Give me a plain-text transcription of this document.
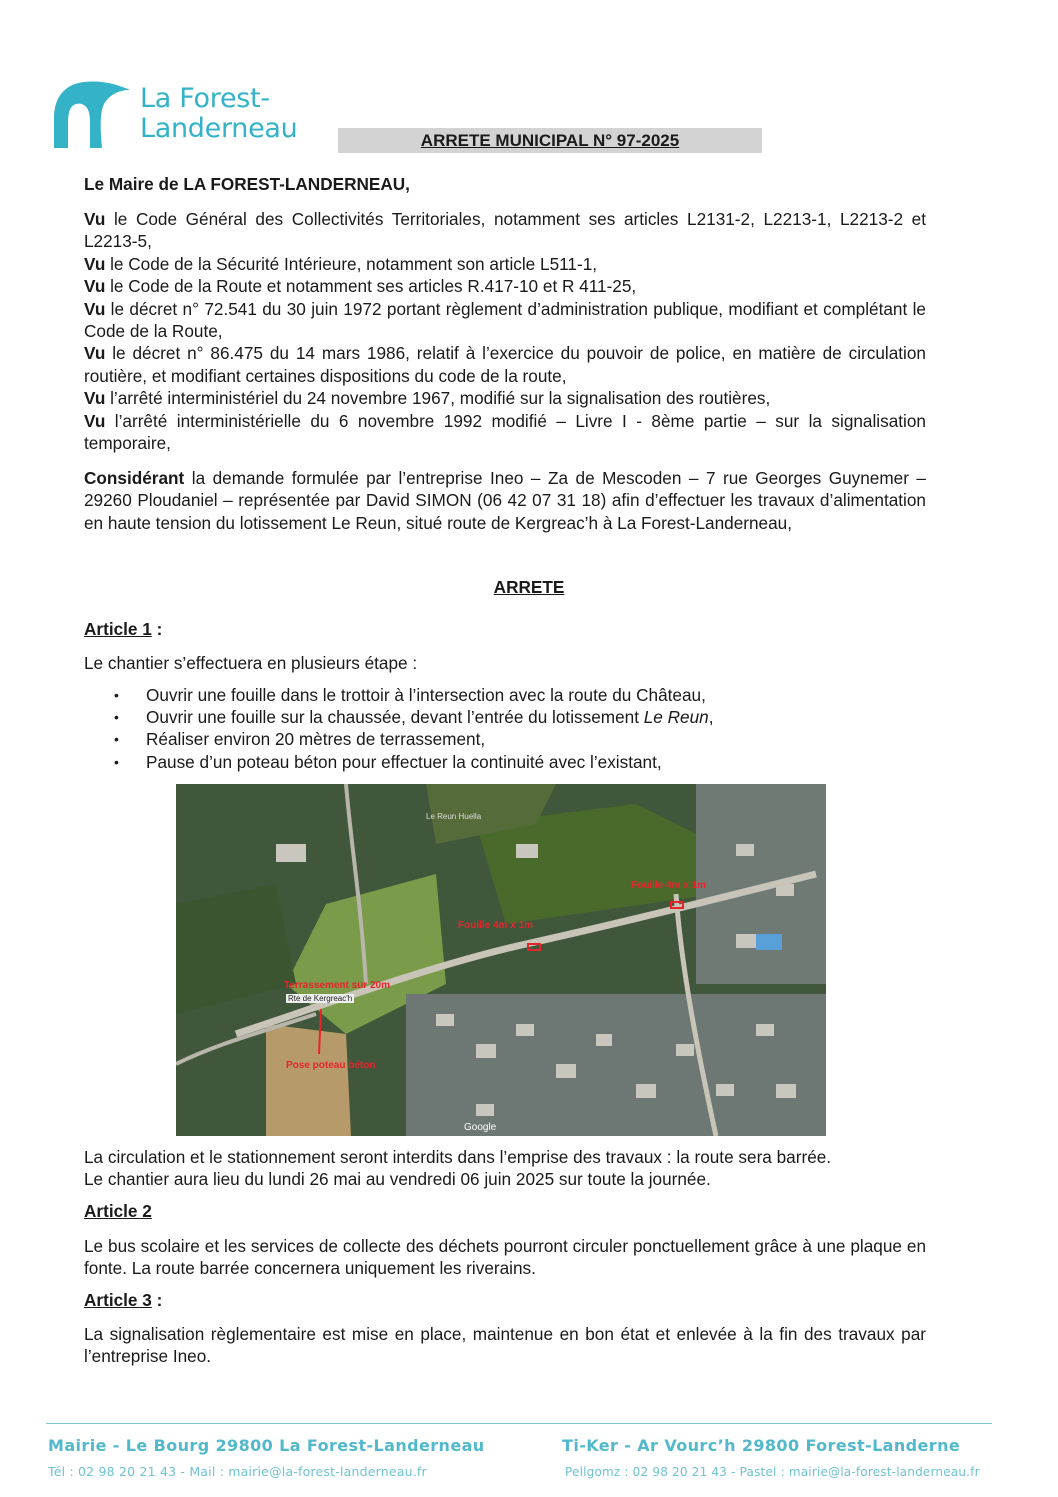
La Forest-
Landerneau	ARRETE MUNICIPAL N° 97-2025
Le Maire de LA FOREST-LANDERNEAU,

Vu le Code Général des Collectivités Territoriales, notamment ses articles L2131-2, L2213-1, L2213-2 et L2213-5,

Vu le Code de la Sécurité Intérieure, notamment son article L511-1,

Vu le Code de la Route et notamment ses articles R.417-10 et R 411-25,

Vu le décret n° 72.541 du 30 juin 1972 portant règlement d’administration publique, modifiant et complétant le Code de la Route,

Vu le décret n° 86.475 du 14 mars 1986, relatif à l’exercice du pouvoir de police, en matière de circulation routière, et modifiant certaines dispositions du code de la route,

Vu l’arrêté interministériel du 24 novembre 1967, modifié sur la signalisation des routières,

Vu l’arrêté interministérielle du 6 novembre 1992 modifié – Livre I - 8ème partie – sur la signalisation temporaire,

Considérant la demande formulée par l’entreprise Ineo – Za de Mescoden – 7 rue Georges Guynemer – 29260 Ploudaniel – représentée par David SIMON (06 42 07 31 18) afin d’effectuer les travaux d’alimentation en haute tension du lotissement Le Reun, situé route de Kergreac’h à La Forest-Landerneau,

ARRETE
Article 1 :
Le chantier s’effectuera en plusieurs étape :
• Ouvrir une fouille dans le trottoir à l’intersection avec la route du Château,
• Ouvrir une fouille sur la chaussée, devant l’entrée du lotissement Le Reun,
• Réaliser environ 20 mètres de terrassement,
• Pause d’un poteau béton pour effectuer la continuité avec l’existant,
Fouille 4m x 1m
Fouille 4m x 1m
Terrassement sur 20m
Pose poteau béton
Rte de Kergreac'h
Le Reun Huella
Google
La circulation et le stationnement seront interdits dans l’emprise des travaux : la route sera barrée.
Le chantier aura lieu du lundi 26 mai au vendredi 06 juin 2025 sur toute la journée.
Article 2
Le bus scolaire et les services de collecte des déchets pourront circuler ponctuellement grâce à une plaque en fonte. La route barrée concernera uniquement les riverains.
Article 3 :
La signalisation règlementaire est mise en place, maintenue en bon état et enlevée à la fin des travaux par l’entreprise Ineo.
Mairie - Le Bourg 29800 La Forest-Landerneau	Ti-Ker - Ar Vourc’h 29800 Forest-Landerne
Tél : 02 98 20 21 43 - Mail : mairie@la-forest-landerneau.fr	Pellgomz : 02 98 20 21 43 - Pastel : mairie@la-forest-landerneau.fr
